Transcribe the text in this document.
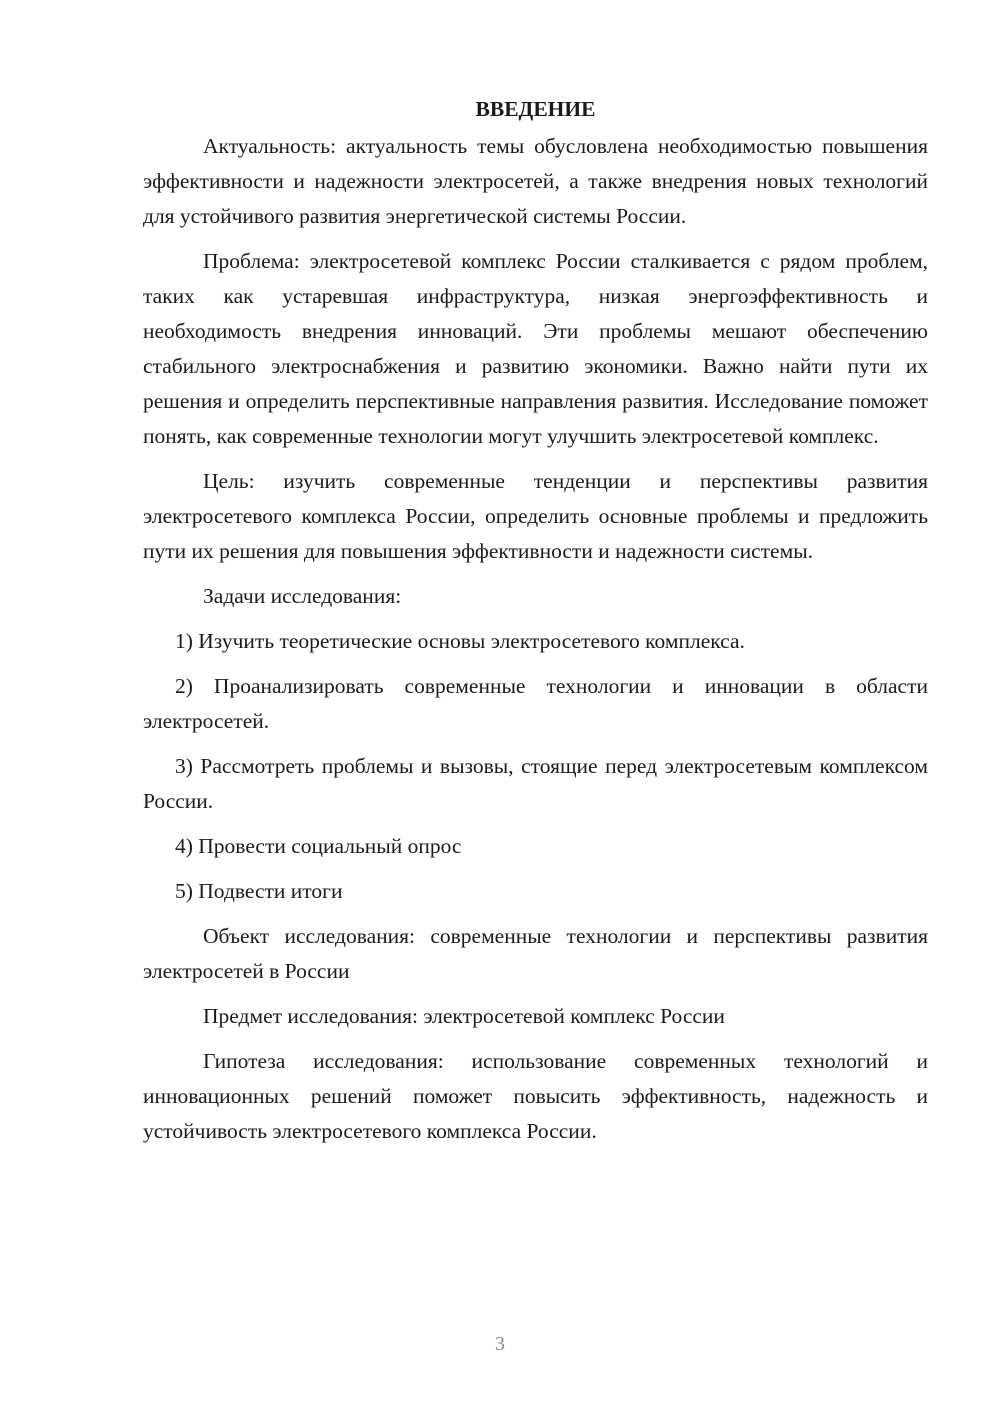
ВВЕДЕНИЕ

Актуальность: актуальность темы обусловлена необходимостью повышения эффективности и надежности электросетей, а также внедрения новых технологий для устойчивого развития энергетической системы России.

Проблема: электросетевой комплекс России сталкивается с рядом проблем, таких как устаревшая инфраструктура, низкая энергоэффективность и необходимость внедрения инноваций. Эти проблемы мешают обеспечению стабильного электроснабжения и развитию экономики. Важно найти пути их решения и определить перспективные направления развития. Исследование поможет понять, как современные технологии могут улучшить электросетевой комплекс.

Цель: изучить современные тенденции и перспективы развития электросетевого комплекса России, определить основные проблемы и предложить пути их решения для повышения эффективности и надежности системы.

Задачи исследования:

1) Изучить теоретические основы электросетевого комплекса.

2) Проанализировать современные технологии и инновации в области электросетей.

3) Рассмотреть проблемы и вызовы, стоящие перед электросетевым комплексом России.

4) Провести социальный опрос

5) Подвести итоги

Объект исследования: современные технологии и перспективы развития электросетей в России

Предмет исследования: электросетевой комплекс России

Гипотеза исследования: использование современных технологий и инновационных решений поможет повысить эффективность, надежность и устойчивость электросетевого комплекса России.

3
